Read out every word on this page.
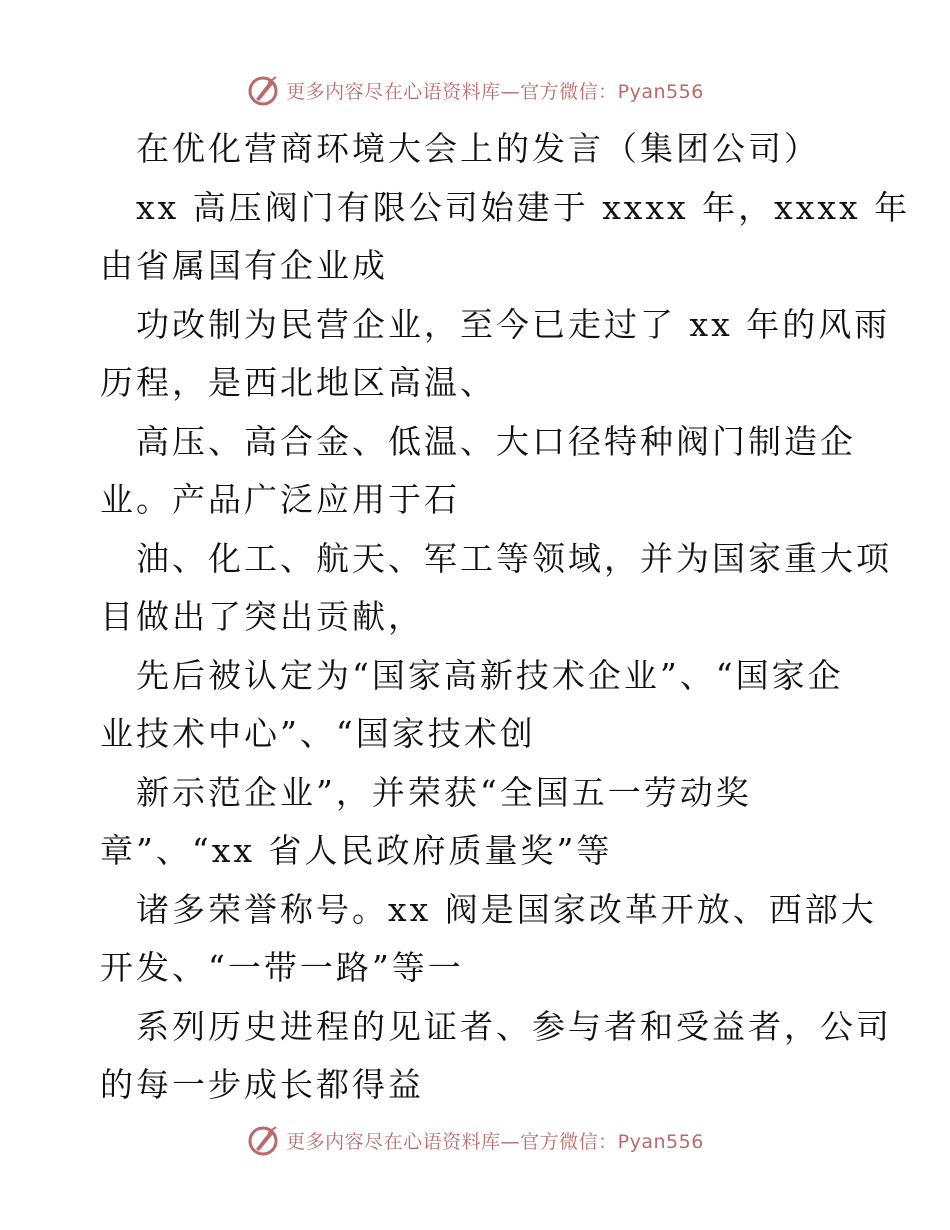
更多内容尽在心语资料库—官方微信：Pyan556
在优化营商环境大会上的发言（集团公司）
xx 高压阀门有限公司始建于 xxxx 年，xxxx 年
由省属国有企业成
功改制为民营企业，至今已走过了 xx 年的风雨
历程，是西北地区高温、
高压、高合金、低温、大口径特种阀门制造企
业。产品广泛应用于石
油、化工、航天、军工等领域，并为国家重大项
目做出了突出贡献，
先后被认定为“国家高新技术企业”、“国家企
业技术中心”、“国家技术创
新示范企业”，并荣获“全国五一劳动奖
章”、“xx 省人民政府质量奖”等
诸多荣誉称号。xx 阀是国家改革开放、西部大
开发、“一带一路”等一
系列历史进程的见证者、参与者和受益者，公司
的每一步成长都得益
更多内容尽在心语资料库—官方微信：Pyan556
